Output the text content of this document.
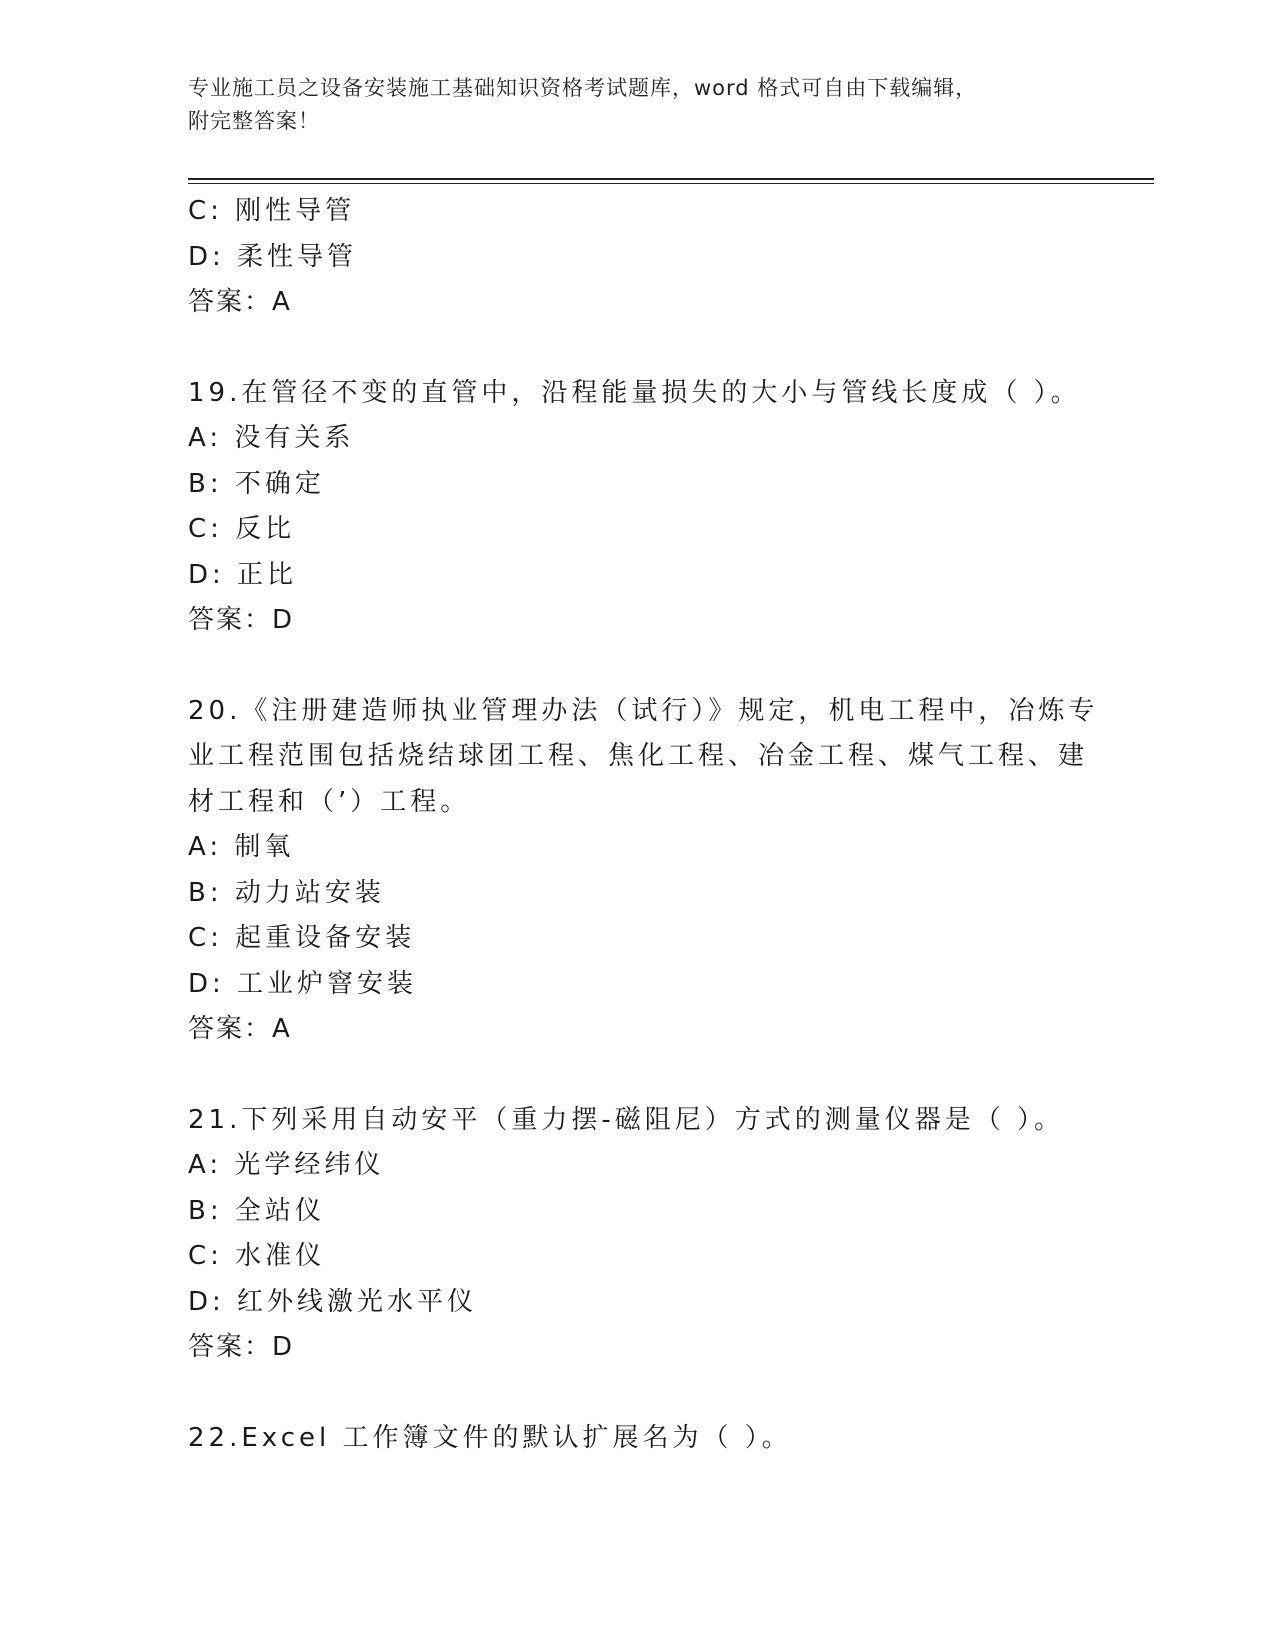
专业施工员之设备安装施工基础知识资格考试题库，word 格式可自由下载编辑，
附完整答案！
C: 刚性导管
D: 柔性导管
答案：A
19.在管径不变的直管中，沿程能量损失的大小与管线长度成（ ）。
A: 没有关系
B: 不确定
C: 反比
D: 正比
答案：D
20.《注册建造师执业管理办法（试行）》规定，机电工程中，冶炼专
业工程范围包括烧结球团工程、焦化工程、冶金工程、煤气工程、建
材工程和（’）工程。
A: 制氧
B: 动力站安装
C: 起重设备安装
D: 工业炉窨安装
答案：A
21.下列采用自动安平（重力摆-磁阻尼）方式的测量仪器是（ ）。
A: 光学经纬仪
B: 全站仪
C: 水准仪
D: 红外线激光水平仪
答案：D
22.Excel 工作簿文件的默认扩展名为（ ）。
